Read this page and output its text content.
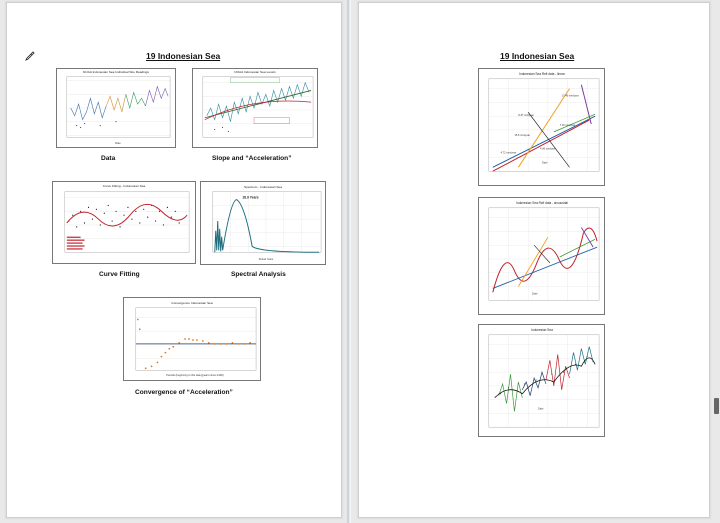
19 Indonesian Sea
NOAA Indonesian Sea Individual Site Readings
Date
Data
NOAA Indonesian Sea Levels
Slope and “Acceleration”
Curve Fitting - Indonesian Sea
Curve Fitting
Spectrum - Indonesian Sea
18.9 Years
Period Years
Spectral Analysis
Convergence Indonesian Sea
Periods (beginning to this date)(years minus 1900)
Convergence of “Acceleration”
19 Indonesian Sea
Indonesian Sea Relt data - linear
17.46 mm/year
8.37 mm/year
7.16 mm/year
15.6 mm/year
4.06 mm/year
4.72 mm/year
Date
Indonesian Sea Relt data - sinusoidal
Date
Indonesian Sea
Date
